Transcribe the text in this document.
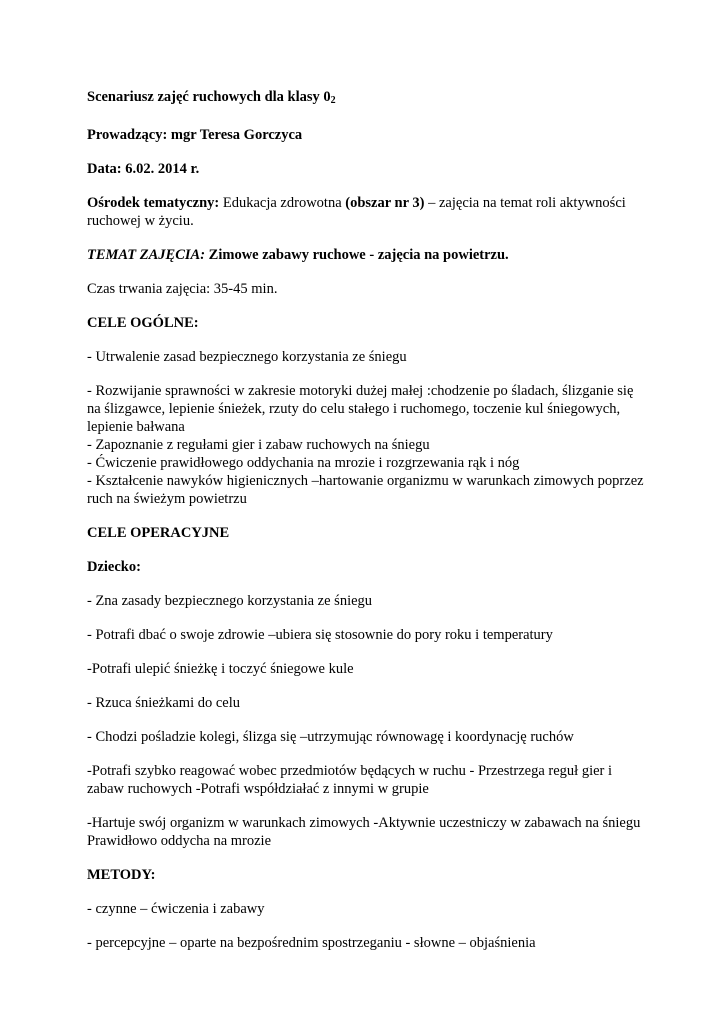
Scenariusz zajęć ruchowych dla klasy $0_2$

Prowadzący: mgr Teresa Gorczyca

Data: 6.02. 2014 r.

Ośrodek tematyczny: Edukacja zdrowotna (obszar nr 3) – zajęcia na temat roli aktywności ruchowej w życiu.

TEMAT ZAJĘCIA: Zimowe zabawy ruchowe - zajęcia na powietrzu.

Czas trwania zajęcia: 35-45 min.

CELE OGÓLNE:

- Utrwalenie zasad bezpiecznego korzystania ze śniegu

- Rozwijanie sprawności w zakresie motoryki dużej małej :chodzenie po śladach, ślizganie się na ślizgawce, lepienie śnieżek, rzuty do celu stałego i ruchomego, toczenie kul śniegowych, lepienie bałwana

- Zapoznanie z regułami gier i zabaw ruchowych na śniegu

- Ćwiczenie prawidłowego oddychania na mrozie i rozgrzewania rąk i nóg

- Kształcenie nawyków higienicznych –hartowanie organizmu w warunkach zimowych poprzez ruch na świeżym powietrzu

CELE OPERACYJNE

Dziecko:

- Zna zasady bezpiecznego korzystania ze śniegu

- Potrafi dbać o swoje zdrowie –ubiera się stosownie do pory roku i temperatury

-Potrafi ulepić śnieżkę i toczyć śniegowe kule

- Rzuca śnieżkami do celu

- Chodzi pośladzie kolegi, ślizga się –utrzymując równowagę i koordynację ruchów

-Potrafi szybko reagować wobec przedmiotów będących w ruchu - Przestrzega reguł gier i zabaw ruchowych -Potrafi współdziałać z innymi w grupie

-Hartuje swój organizm w warunkach zimowych -Aktywnie uczestniczy w zabawach na śniegu Prawidłowo oddycha na mrozie

METODY:

- czynne – ćwiczenia i zabawy

- percepcyjne – oparte na bezpośrednim spostrzeganiu - słowne – objaśnienia
